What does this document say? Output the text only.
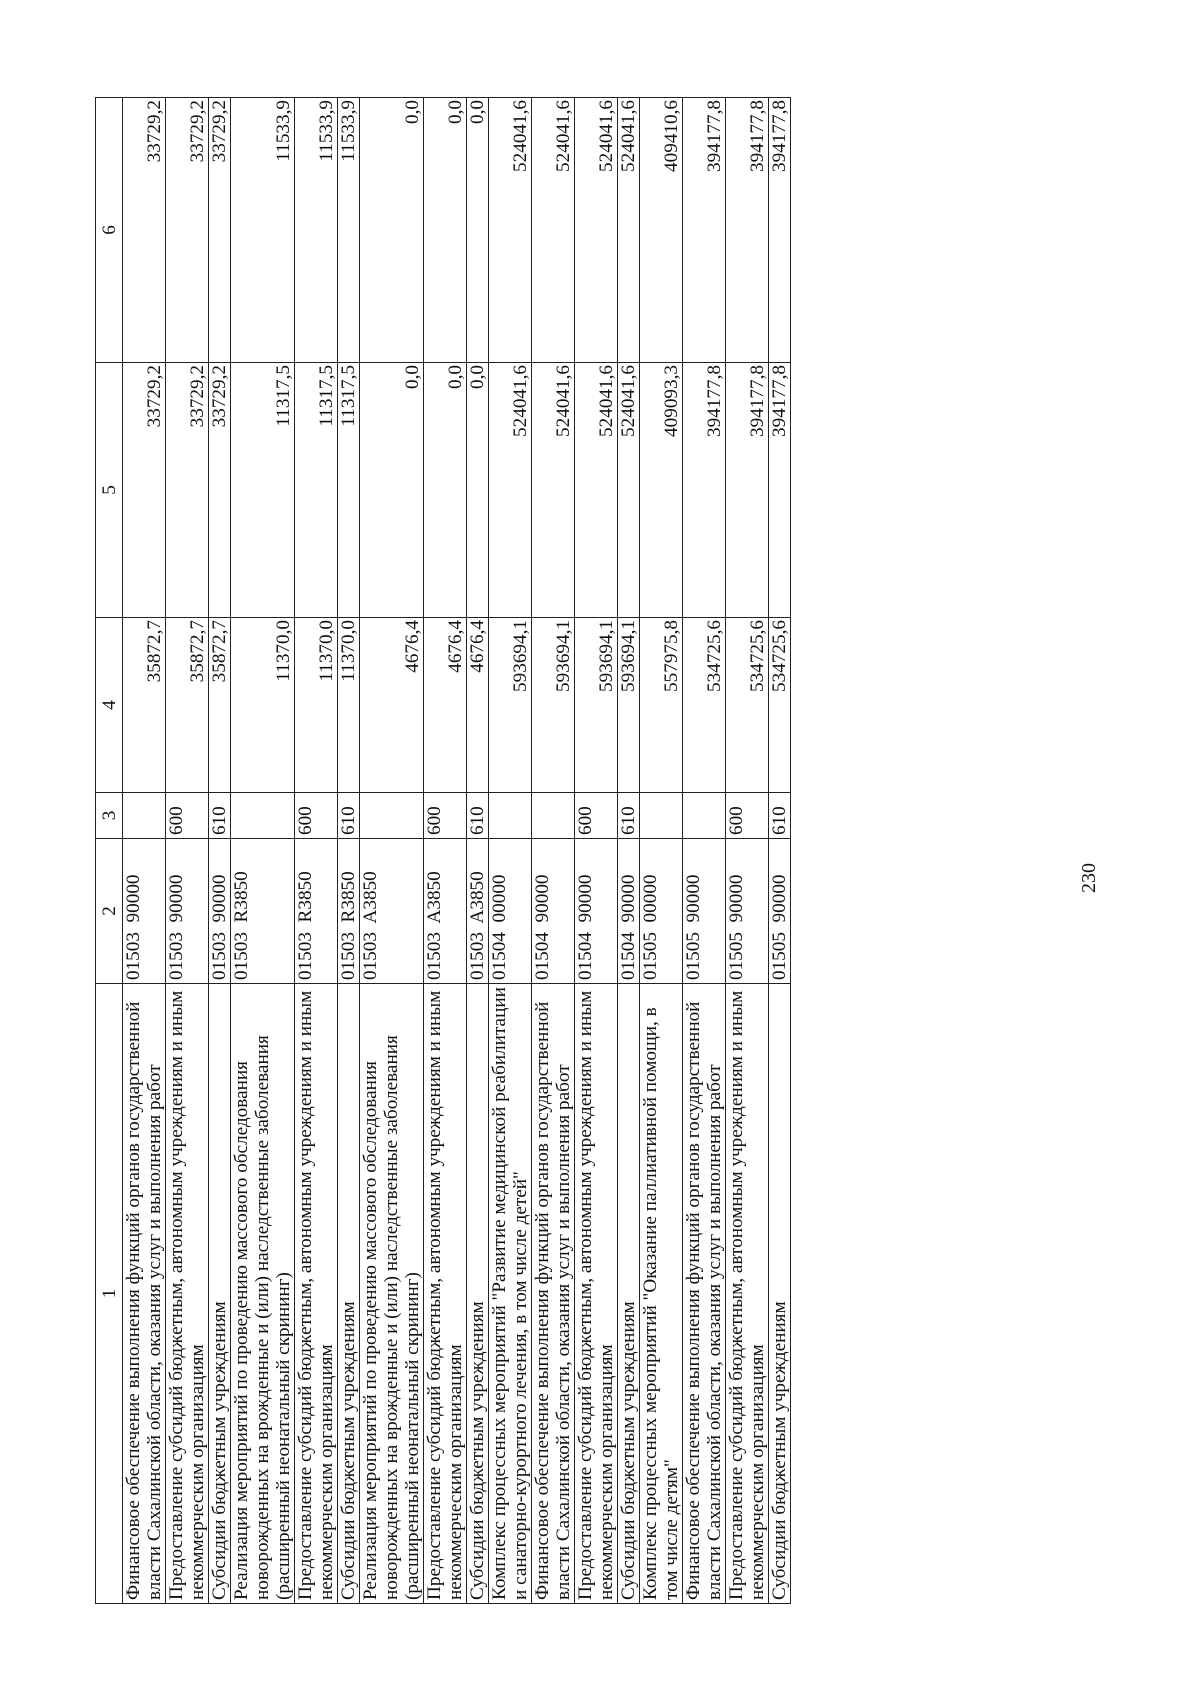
230
1	2	3	4	5	6
Финансовое обеспечение выполнения функций органов государственной власти Сахалинской области, оказания услуг и выполнения работ	01503  90000		35872,7	33729,2	33729,2
Предоставление субсидий бюджетным, автономным учреждениям и иным некоммерческим организациям	01503  90000	600	35872,7	33729,2	33729,2
Субсидии бюджетным учреждениям	01503  90000	610	35872,7	33729,2	33729,2
Реализация мероприятий по проведению массового обследования новорожденных на врожденные и (или) наследственные заболевания (расширенный неонатальный скрининг)	01503  R3850		11370,0	11317,5	11533,9
Предоставление субсидий бюджетным, автономным учреждениям и иным некоммерческим организациям	01503  R3850	600	11370,0	11317,5	11533,9
Субсидии бюджетным учреждениям	01503  R3850	610	11370,0	11317,5	11533,9
Реализация мероприятий по проведению массового обследования новорожденных на врожденные и (или) наследственные заболевания (расширенный неонатальный скрининг)	01503  A3850		4676,4	0,0	0,0
Предоставление субсидий бюджетным, автономным учреждениям и иным некоммерческим организациям	01503  A3850	600	4676,4	0,0	0,0
Субсидии бюджетным учреждениям	01503  A3850	610	4676,4	0,0	0,0
Комплекс процессных мероприятий "Развитие медицинской реабилитации и санаторно-курортного лечения, в том числе детей"	01504  00000		593694,1	524041,6	524041,6
Финансовое обеспечение выполнения функций органов государственной власти Сахалинской области, оказания услуг и выполнения работ	01504  90000		593694,1	524041,6	524041,6
Предоставление субсидий бюджетным, автономным учреждениям и иным некоммерческим организациям	01504  90000	600	593694,1	524041,6	524041,6
Субсидии бюджетным учреждениям	01504  90000	610	593694,1	524041,6	524041,6
Комплекс процессных мероприятий "Оказание паллиативной помощи, в том числе детям"	01505  00000		557975,8	409093,3	409410,6
Финансовое обеспечение выполнения функций органов государственной власти Сахалинской области, оказания услуг и выполнения работ	01505  90000		534725,6	394177,8	394177,8
Предоставление субсидий бюджетным, автономным учреждениям и иным некоммерческим организациям	01505  90000	600	534725,6	394177,8	394177,8
Субсидии бюджетным учреждениям	01505  90000	610	534725,6	394177,8	394177,8
